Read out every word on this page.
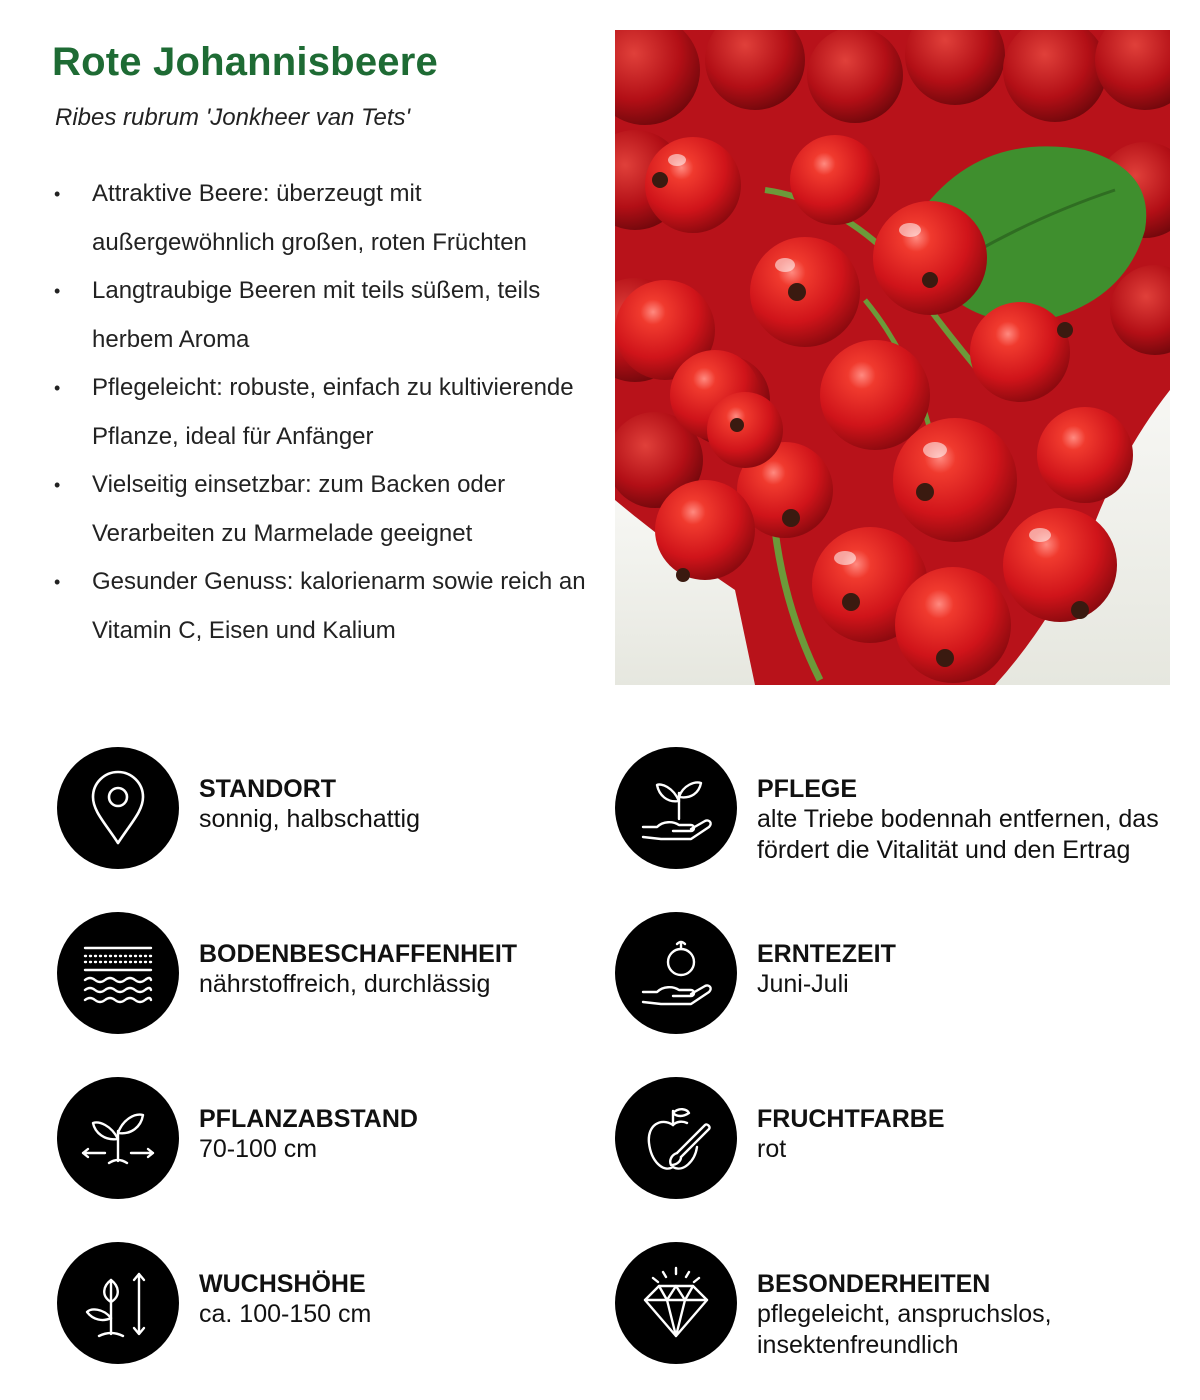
Rote Johannisbeere
Ribes rubrum 'Jonkheer van Tets'
• Attraktive Beere: überzeugt mit außergewöhnlich großen, roten Früchten
• Langtraubige Beeren mit teils süßem, teils herbem Aroma
• Pflegeleicht: robuste, einfach zu kultivierende Pflanze, ideal für Anfänger
• Vielseitig einsetzbar: zum Backen oder Verarbeiten zu Marmelade geeignet
• Gesunder Genuss: kalorienarm sowie reich an Vitamin C, Eisen und Kalium
STANDORT
sonnig, halbschattig
BODENBESCHAFFENHEIT
nährstoffreich, durchlässig
PFLANZABSTAND
70-100 cm
WUCHSHÖHE
ca. 100-150 cm
PFLEGE
alte Triebe bodennah entfernen, das fördert die Vitalität und den Ertrag
ERNTEZEIT
Juni-Juli
FRUCHTFARBE
rot
BESONDERHEITEN
pflegeleicht, anspruchslos, insektenfreundlich
